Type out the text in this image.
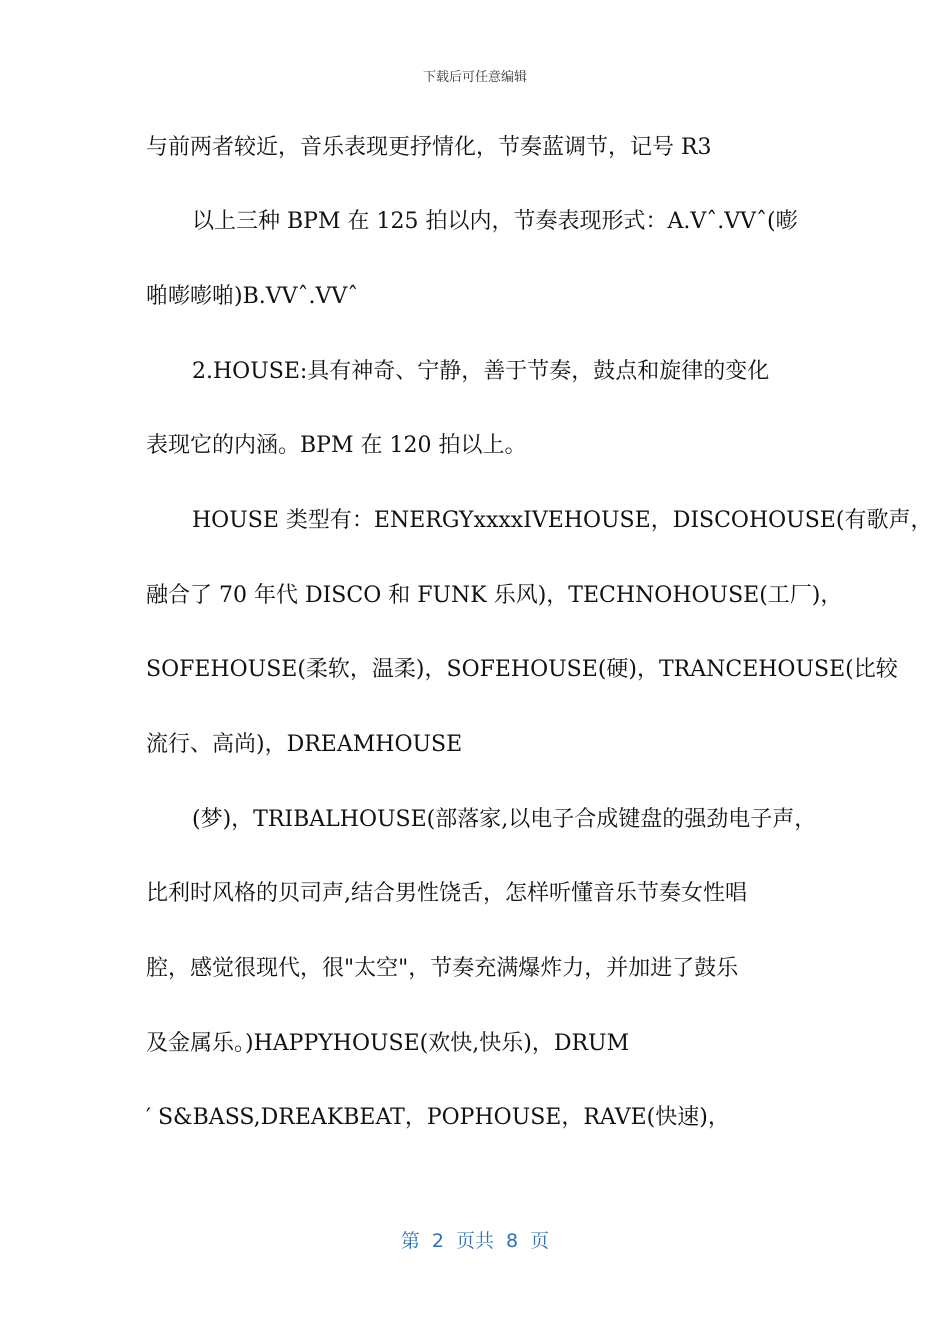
下载后可任意编辑
与前两者较近，音乐表现更抒情化，节奏蓝调节，记号 R3
以上三种 BPM 在 125 拍以内，节奏表现形式：A.Vˆ.VVˆ(嘭
啪嘭嘭啪)B.VVˆ.VVˆ
2.HOUSE:具有神奇、宁静，善于节奏，鼓点和旋律的变化
表现它的内涵。BPM 在 120 拍以上。
HOUSE 类型有：ENERGYxxxxIVEHOUSE，DISCOHOUSE(有歌声，
融合了 70 年代 DISCO 和 FUNK 乐风)，TECHNOHOUSE(工厂)，
SOFEHOUSE(柔软，温柔)，SOFEHOUSE(硬)，TRANCEHOUSE(比较
流行、高尚)，DREAMHOUSE
(梦)，TRIBALHOUSE(部落家,以电子合成键盘的强劲电子声，
比利时风格的贝司声,结合男性饶舌，怎样听懂音乐节奏女性唱
腔，感觉很现代，很"太空"，节奏充满爆炸力，并加进了鼓乐
及金属乐。)HAPPYHOUSE(欢快,快乐)，DRUM
′ S&BASS,DREAKBEAT，POPHOUSE，RAVE(快速)，
第 2 页共 8 页
